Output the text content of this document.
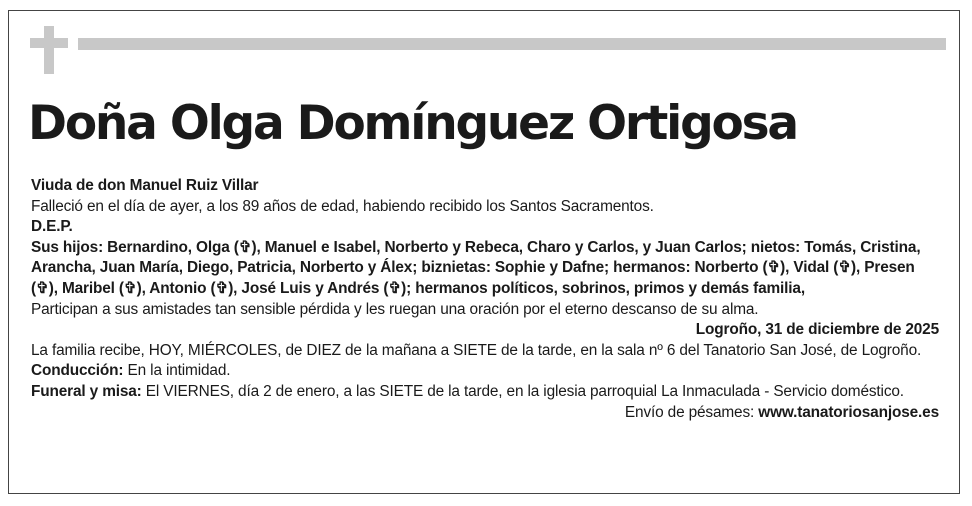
Doña Olga Domínguez Ortigosa

Viuda de don Manuel Ruiz Villar

Falleció en el día de ayer, a los 89 años de edad, habiendo recibido los Santos Sacramentos.

D.E.P.

Sus hijos: Bernardino, Olga (✞), Manuel e Isabel, Norberto y Rebeca, Charo y Carlos, y Juan Carlos; nietos: Tomás, Cristina, Arancha, Juan María, Diego, Patricia, Norberto y Álex; biznietas: Sophie y Dafne; hermanos: Norberto (✞), Vidal (✞), Presen (✞), Maribel (✞), Antonio (✞), José Luis y Andrés (✞); hermanos políticos, sobrinos, primos y demás familia,

Participan a sus amistades tan sensible pérdida y les ruegan una oración por el eterno descanso de su alma.

Logroño, 31 de diciembre de 2025

La familia recibe, HOY, MIÉRCOLES, de DIEZ de la mañana a SIETE de la tarde, en la sala nº 6 del Tanatorio San José, de Logroño.

Conducción: En la intimidad.

Funeral y misa: El VIERNES, día 2 de enero, a las SIETE de la tarde, en la iglesia parroquial La Inmaculada - Servicio doméstico.

Envío de pésames: www.tanatoriosanjose.es
